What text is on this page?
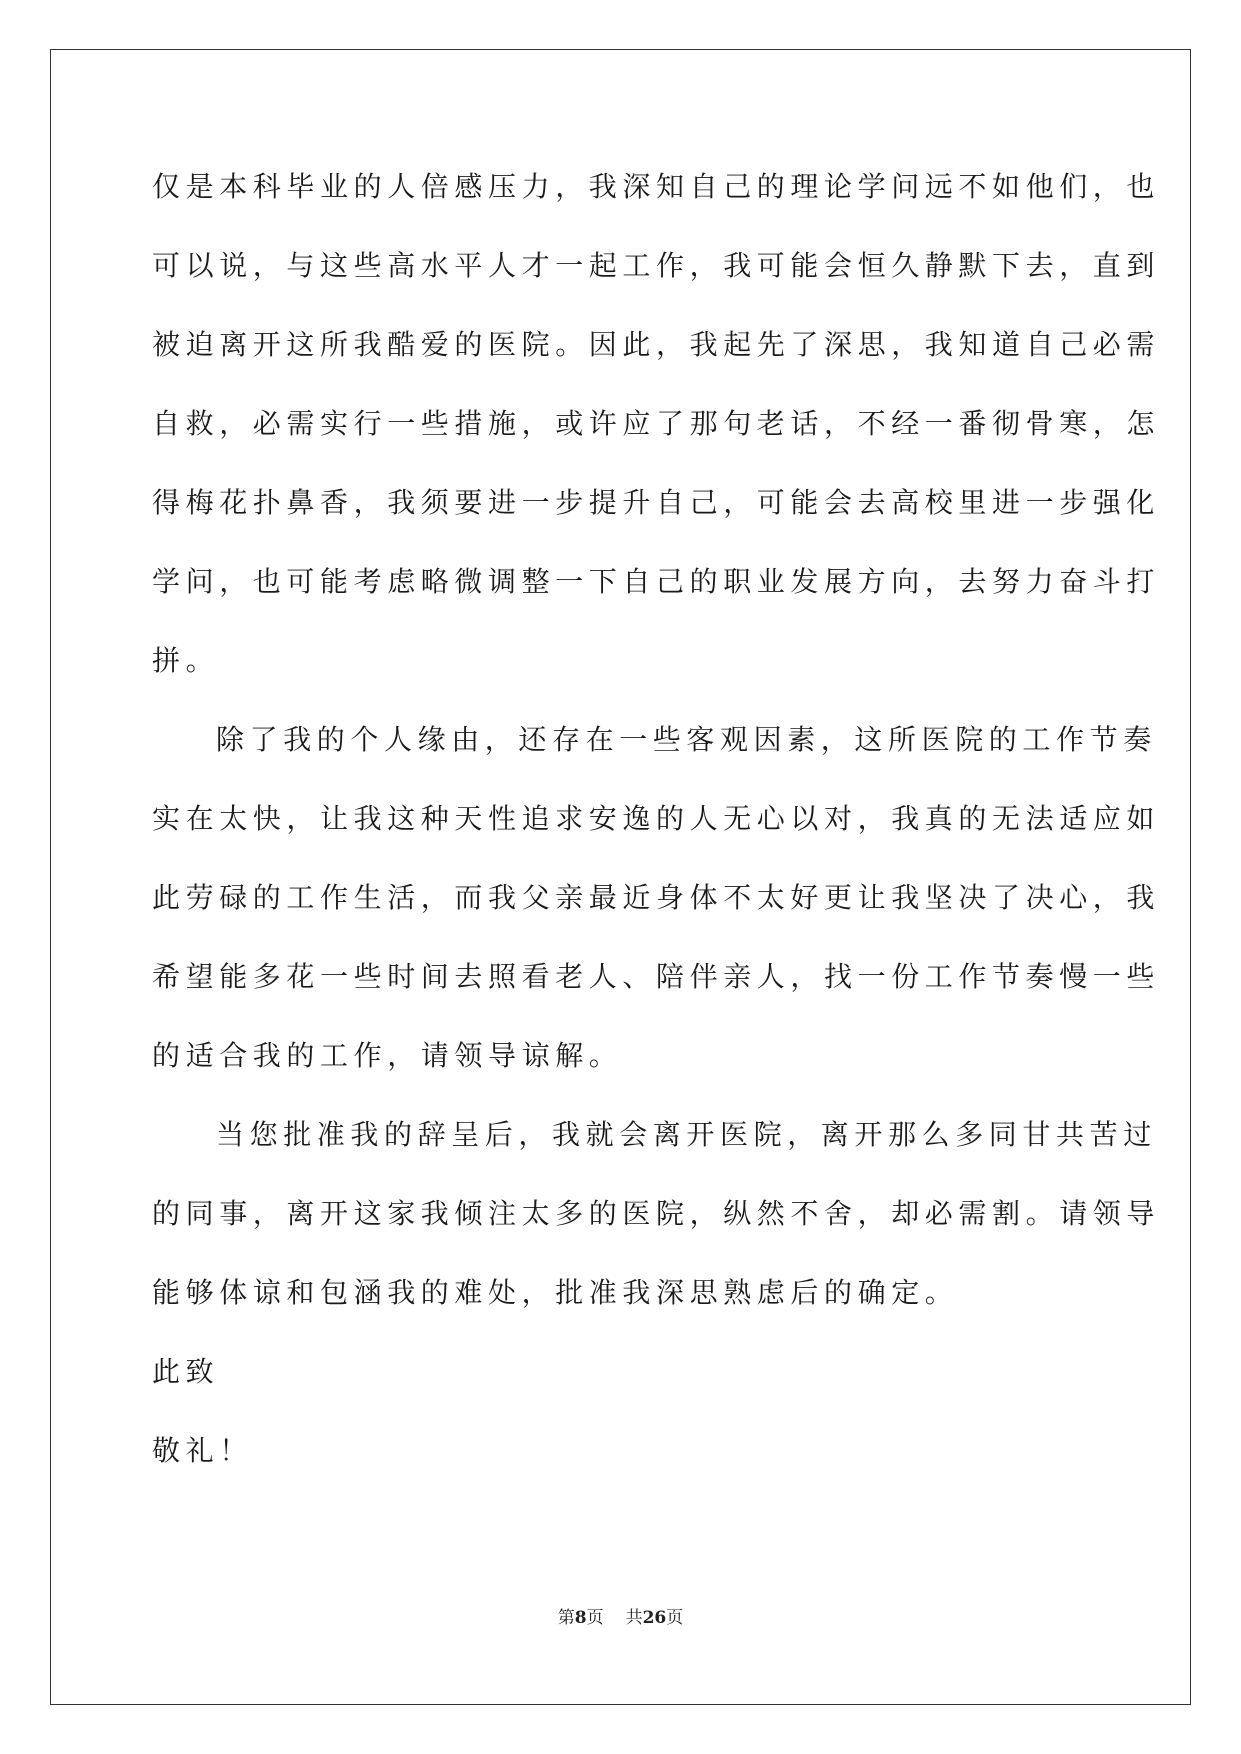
仅是本科毕业的人倍感压力，我深知自己的理论学问远不如他们，也
可以说，与这些高水平人才一起工作，我可能会恒久静默下去，直到
被迫离开这所我酷爱的医院。因此，我起先了深思，我知道自己必需
自救，必需实行一些措施，或许应了那句老话，不经一番彻骨寒，怎
得梅花扑鼻香，我须要进一步提升自己，可能会去高校里进一步强化
学问，也可能考虑略微调整一下自己的职业发展方向，去努力奋斗打
拼。
除了我的个人缘由，还存在一些客观因素，这所医院的工作节奏
实在太快，让我这种天性追求安逸的人无心以对，我真的无法适应如
此劳碌的工作生活，而我父亲最近身体不太好更让我坚决了决心，我
希望能多花一些时间去照看老人、陪伴亲人，找一份工作节奏慢一些
的适合我的工作，请领导谅解。
当您批准我的辞呈后，我就会离开医院，离开那么多同甘共苦过
的同事，离开这家我倾注太多的医院，纵然不舍，却必需割。请领导
能够体谅和包涵我的难处，批准我深思熟虑后的确定。
此致
敬礼！
第8页 共26页
